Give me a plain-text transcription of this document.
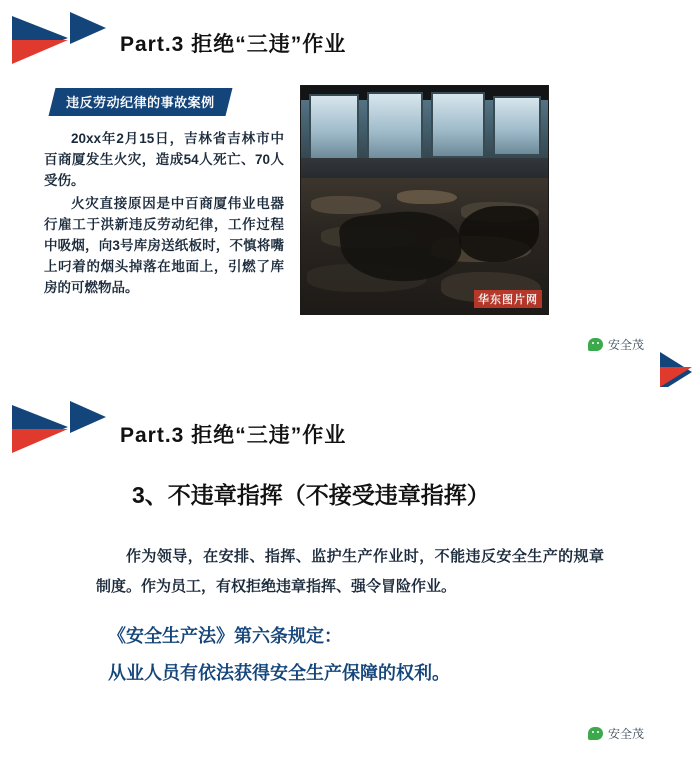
Part.3 拒绝“三违”作业
违反劳动纪律的事故案例

20xx年2月15日，吉林省吉林市中百商厦发生火灾，造成54人死亡、70人受伤。

火灾直接原因是中百商厦伟业电器行雇工于洪新违反劳动纪律，工作过程中吸烟，向3号库房送纸板时，不慎将嘴上叼着的烟头掉落在地面上，引燃了库房的可燃物品。

华东图片网
安全茂
Part.3 拒绝“三违”作业
3、不违章指挥（不接受违章指挥）

作为领导，在安排、指挥、监护生产作业时，不能违反安全生产的规章制度。作为员工，有权拒绝违章指挥、强令冒险作业。

《安全生产法》第六条规定：
从业人员有依法获得安全生产保障的权利。
安全茂
